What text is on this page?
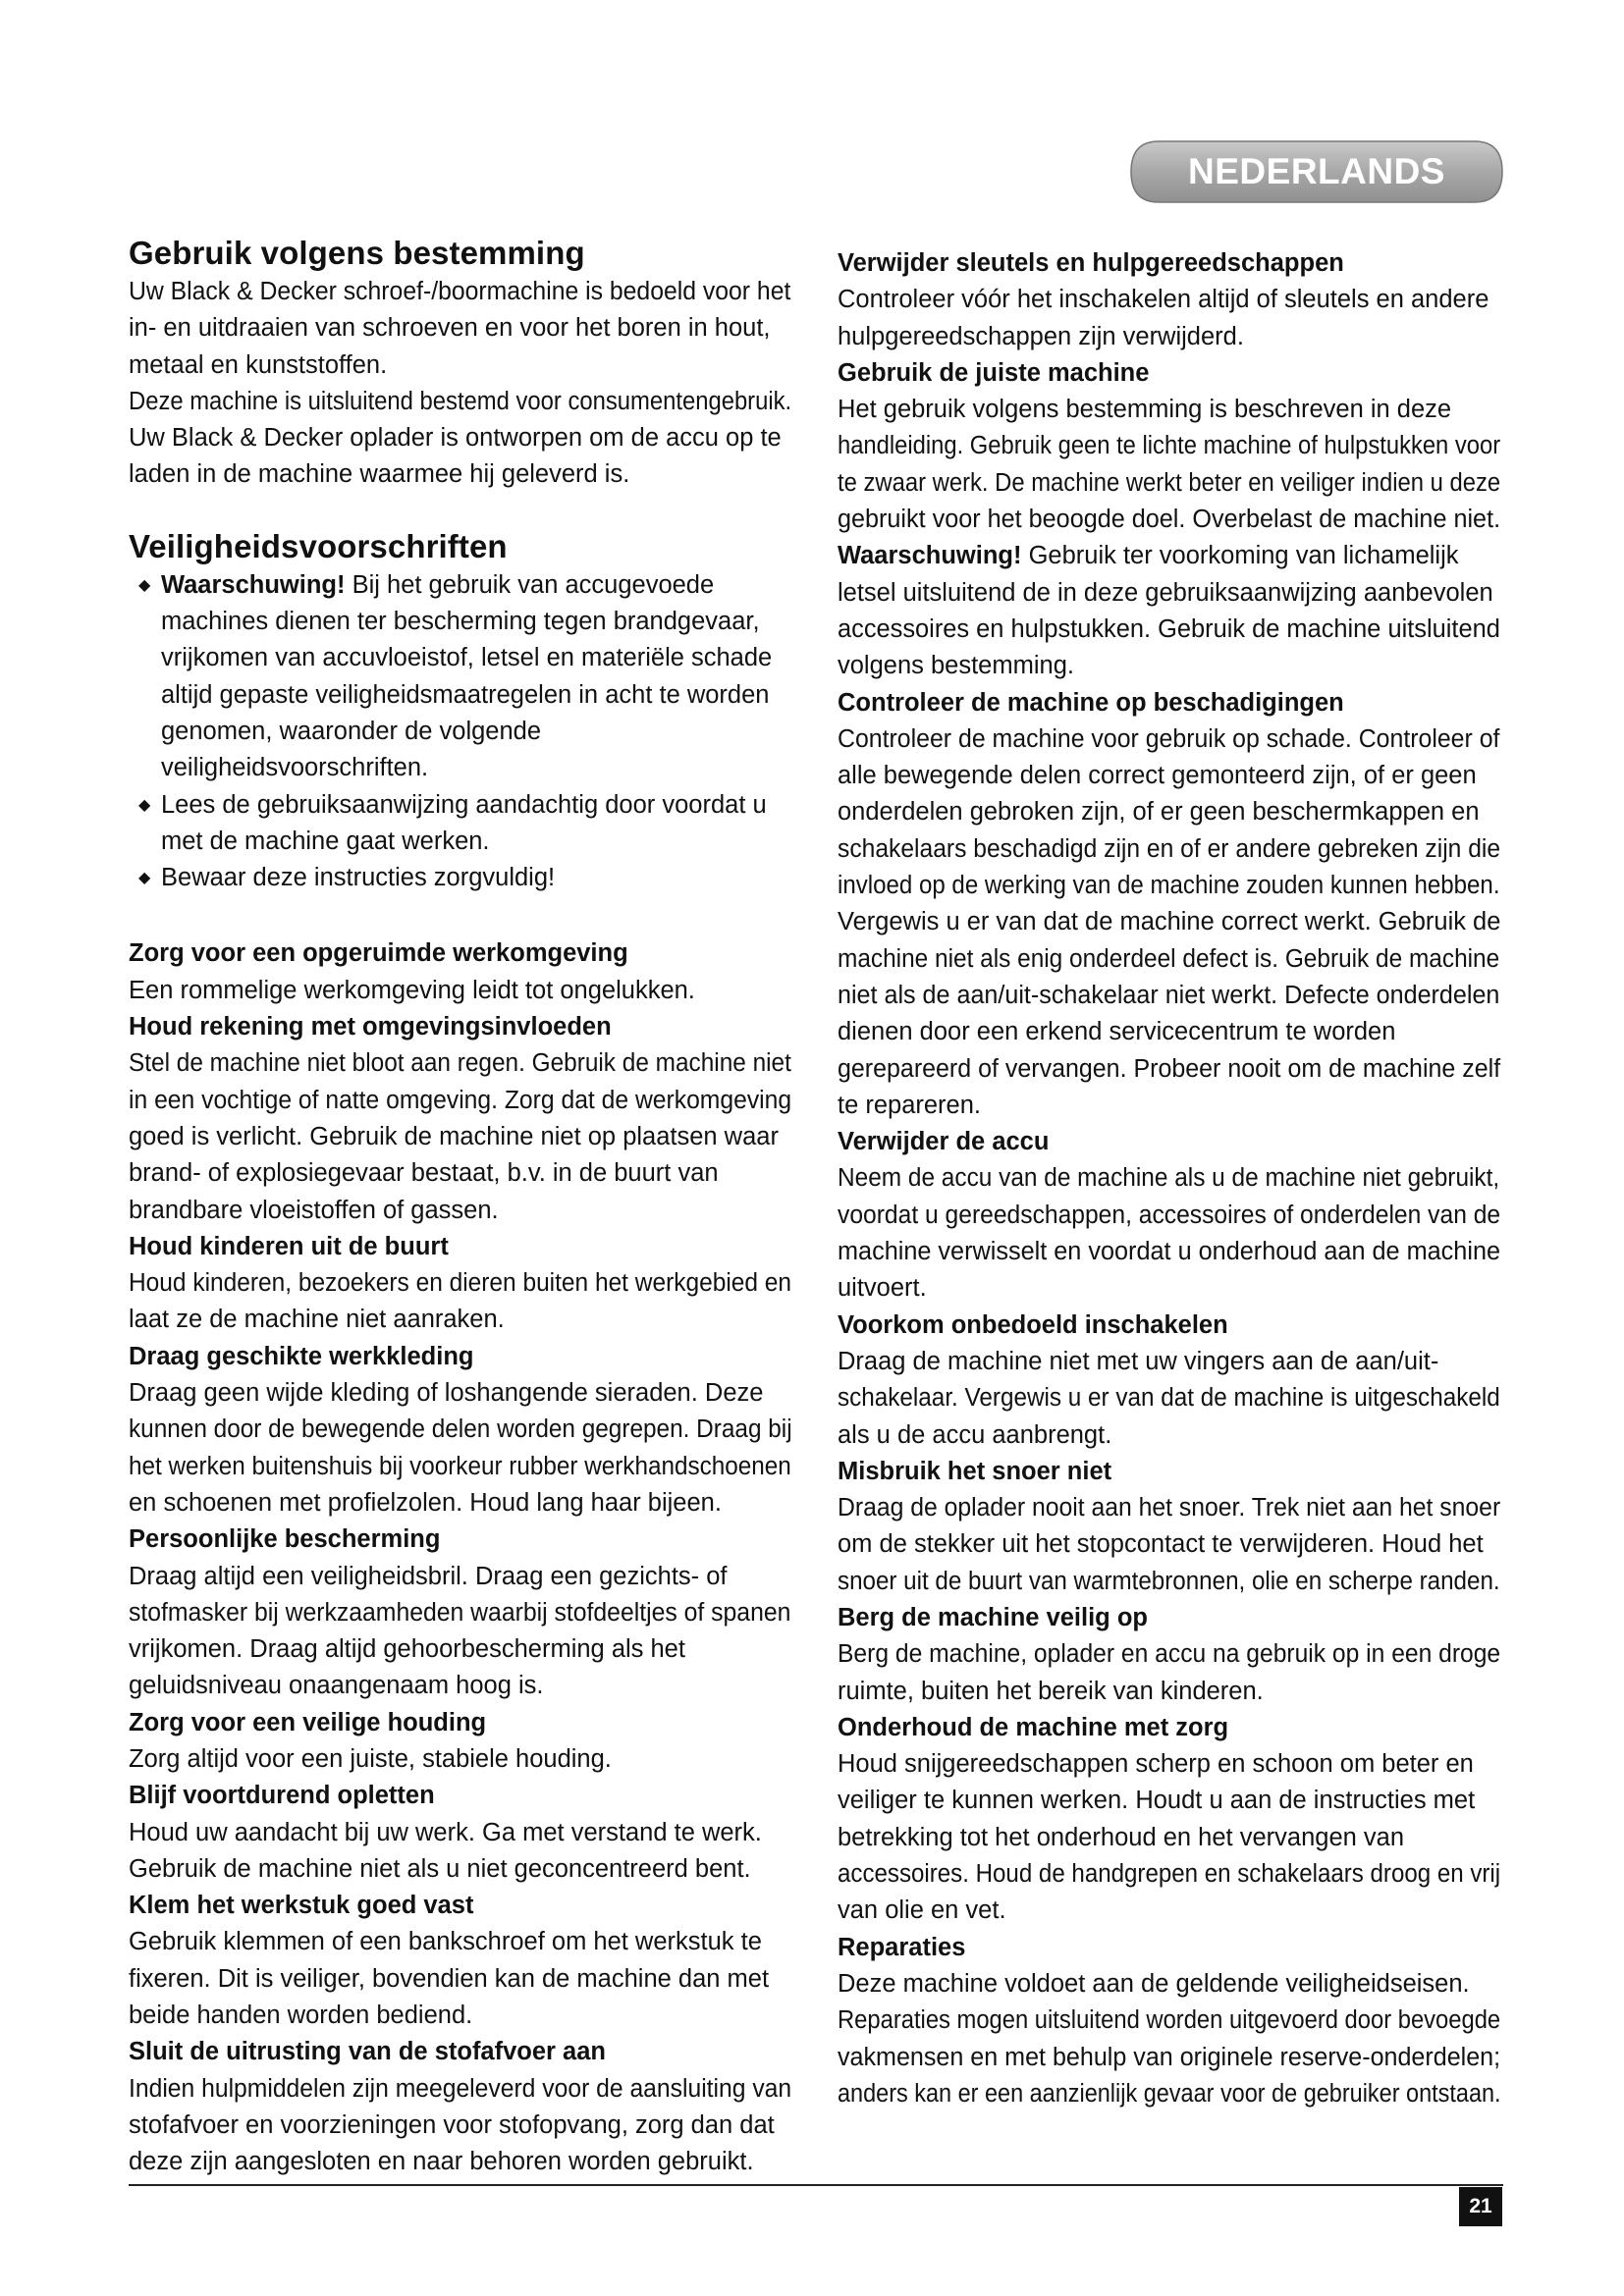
NEDERLANDS
Gebruik volgens bestemming
Uw Black & Decker schroef-/boormachine is bedoeld voor het
in- en uitdraaien van schroeven en voor het boren in hout,
metaal en kunststoffen.
Deze machine is uitsluitend bestemd voor consumentengebruik.
Uw Black & Decker oplader is ontworpen om de accu op te
laden in de machine waarmee hij geleverd is.
Veiligheidsvoorschriften
◆ Waarschuwing! Bij het gebruik van accugevoede machines dienen ter bescherming tegen brandgevaar, vrijkomen van accuvloeistof, letsel en materiële schade altijd gepaste veiligheidsmaatregelen in acht te worden genomen, waaronder de volgende veiligheidsvoorschriften.
◆ Lees de gebruiksaanwijzing aandachtig door voordat u met de machine gaat werken.
◆ Bewaar deze instructies zorgvuldig!
Zorg voor een opgeruimde werkomgeving
Een rommelige werkomgeving leidt tot ongelukken.
Houd rekening met omgevingsinvloeden
Stel de machine niet bloot aan regen. Gebruik de machine niet
in een vochtige of natte omgeving. Zorg dat de werkomgeving
goed is verlicht. Gebruik de machine niet op plaatsen waar
brand- of explosiegevaar bestaat, b.v. in de buurt van
brandbare vloeistoffen of gassen.
Houd kinderen uit de buurt
Houd kinderen, bezoekers en dieren buiten het werkgebied en
laat ze de machine niet aanraken.
Draag geschikte werkkleding
Draag geen wijde kleding of loshangende sieraden. Deze
kunnen door de bewegende delen worden gegrepen. Draag bij
het werken buitenshuis bij voorkeur rubber werkhandschoenen
en schoenen met profielzolen. Houd lang haar bijeen.
Persoonlijke bescherming
Draag altijd een veiligheidsbril. Draag een gezichts- of
stofmasker bij werkzaamheden waarbij stofdeeltjes of spanen
vrijkomen. Draag altijd gehoorbescherming als het
geluidsniveau onaangenaam hoog is.
Zorg voor een veilige houding
Zorg altijd voor een juiste, stabiele houding.
Blijf voortdurend opletten
Houd uw aandacht bij uw werk. Ga met verstand te werk.
Gebruik de machine niet als u niet geconcentreerd bent.
Klem het werkstuk goed vast
Gebruik klemmen of een bankschroef om het werkstuk te
fixeren. Dit is veiliger, bovendien kan de machine dan met
beide handen worden bediend.
Sluit de uitrusting van de stofafvoer aan
Indien hulpmiddelen zijn meegeleverd voor de aansluiting van
stofafvoer en voorzieningen voor stofopvang, zorg dan dat
deze zijn aangesloten en naar behoren worden gebruikt.
Verwijder sleutels en hulpgereedschappen
Controleer vóór het inschakelen altijd of sleutels en andere
hulpgereedschappen zijn verwijderd.
Gebruik de juiste machine
Het gebruik volgens bestemming is beschreven in deze
handleiding. Gebruik geen te lichte machine of hulpstukken voor
te zwaar werk. De machine werkt beter en veiliger indien u deze
gebruikt voor het beoogde doel. Overbelast de machine niet.
Waarschuwing! Gebruik ter voorkoming van lichamelijk
letsel uitsluitend de in deze gebruiksaanwijzing aanbevolen
accessoires en hulpstukken. Gebruik de machine uitsluitend
volgens bestemming.
Controleer de machine op beschadigingen
Controleer de machine voor gebruik op schade. Controleer of
alle bewegende delen correct gemonteerd zijn, of er geen
onderdelen gebroken zijn, of er geen beschermkappen en
schakelaars beschadigd zijn en of er andere gebreken zijn die
invloed op de werking van de machine zouden kunnen hebben.
Vergewis u er van dat de machine correct werkt. Gebruik de
machine niet als enig onderdeel defect is. Gebruik de machine
niet als de aan/uit-schakelaar niet werkt. Defecte onderdelen
dienen door een erkend servicecentrum te worden
gerepareerd of vervangen. Probeer nooit om de machine zelf
te repareren.
Verwijder de accu
Neem de accu van de machine als u de machine niet gebruikt,
voordat u gereedschappen, accessoires of onderdelen van de
machine verwisselt en voordat u onderhoud aan de machine
uitvoert.
Voorkom onbedoeld inschakelen
Draag de machine niet met uw vingers aan de aan/uit-
schakelaar. Vergewis u er van dat de machine is uitgeschakeld
als u de accu aanbrengt.
Misbruik het snoer niet
Draag de oplader nooit aan het snoer. Trek niet aan het snoer
om de stekker uit het stopcontact te verwijderen. Houd het
snoer uit de buurt van warmtebronnen, olie en scherpe randen.
Berg de machine veilig op
Berg de machine, oplader en accu na gebruik op in een droge
ruimte, buiten het bereik van kinderen.
Onderhoud de machine met zorg
Houd snijgereedschappen scherp en schoon om beter en
veiliger te kunnen werken. Houdt u aan de instructies met
betrekking tot het onderhoud en het vervangen van
accessoires. Houd de handgrepen en schakelaars droog en vrij
van olie en vet.
Reparaties
Deze machine voldoet aan de geldende veiligheidseisen.
Reparaties mogen uitsluitend worden uitgevoerd door bevoegde
vakmensen en met behulp van originele reserve-onderdelen;
anders kan er een aanzienlijk gevaar voor de gebruiker ontstaan.
21
